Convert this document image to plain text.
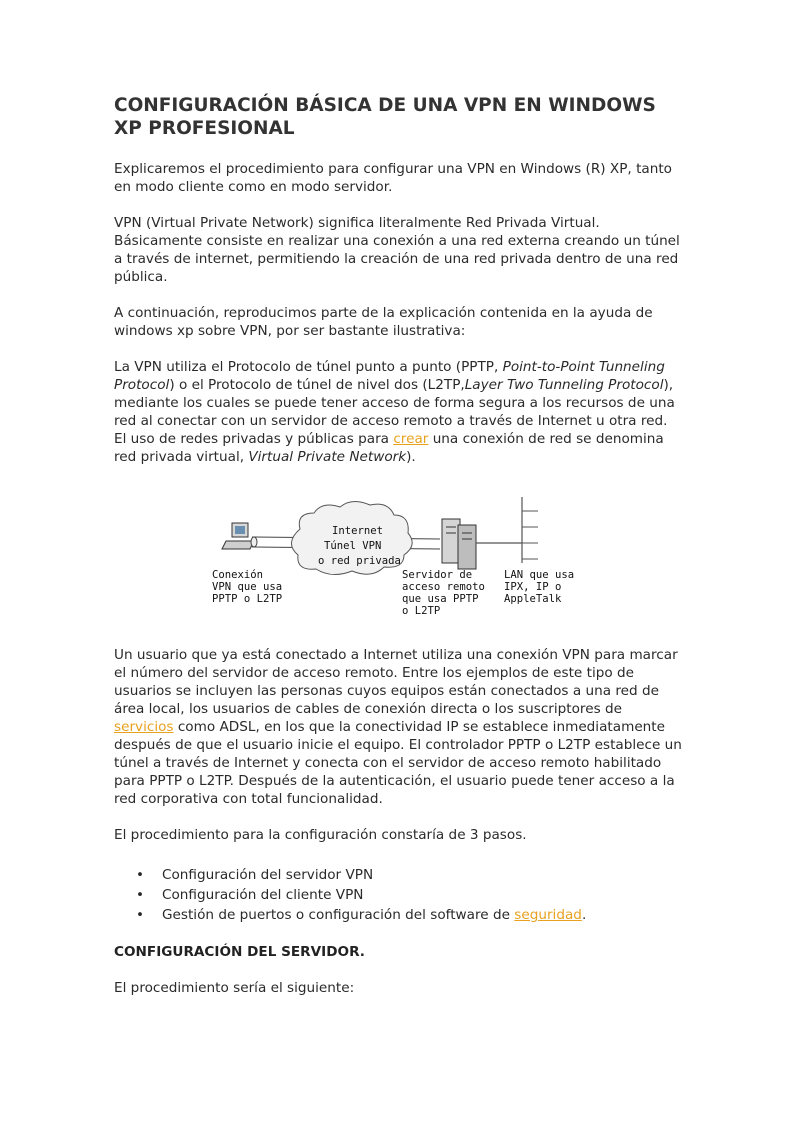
CONFIGURACIÓN BÁSICA DE UNA VPN EN WINDOWS XP PROFESIONAL

Explicaremos el procedimiento para configurar una VPN en Windows (R) XP, tanto en modo cliente como en modo servidor.

VPN (Virtual Private Network) significa literalmente Red Privada Virtual. Básicamente consiste en realizar una conexión a una red externa creando un túnel a través de internet, permitiendo la creación de una red privada dentro de una red pública.

A continuación, reproducimos parte de la explicación contenida en la ayuda de windows xp sobre VPN, por ser bastante ilustrativa:

La VPN utiliza el Protocolo de túnel punto a punto (PPTP, Point-to-Point Tunneling Protocol) o el Protocolo de túnel de nivel dos (L2TP,Layer Two Tunneling Protocol), mediante los cuales se puede tener acceso de forma segura a los recursos de una red al conectar con un servidor de acceso remoto a través de Internet u otra red. El uso de redes privadas y públicas para crear una conexión de red se denomina red privada virtual, Virtual Private Network).

Internet

Túnel VPN

o red privada

Conexión
VPN que usa
PPTP o L2TP

Servidor de
acceso remoto
que usa PPTP
o L2TP

LAN que usa
IPX, IP o
AppleTalk

Un usuario que ya está conectado a Internet utiliza una conexión VPN para marcar el número del servidor de acceso remoto. Entre los ejemplos de este tipo de usuarios se incluyen las personas cuyos equipos están conectados a una red de área local, los usuarios de cables de conexión directa o los suscriptores de servicios como ADSL, en los que la conectividad IP se establece inmediatamente después de que el usuario inicie el equipo. El controlador PPTP o L2TP establece un túnel a través de Internet y conecta con el servidor de acceso remoto habilitado para PPTP o L2TP. Después de la autenticación, el usuario puede tener acceso a la red corporativa con total funcionalidad.

El procedimiento para la configuración constaría de 3 pasos.

• Configuración del servidor VPN

• Configuración del cliente VPN

• Gestión de puertos o configuración del software de seguridad.

CONFIGURACIÓN DEL SERVIDOR.

El procedimiento sería el siguiente:
